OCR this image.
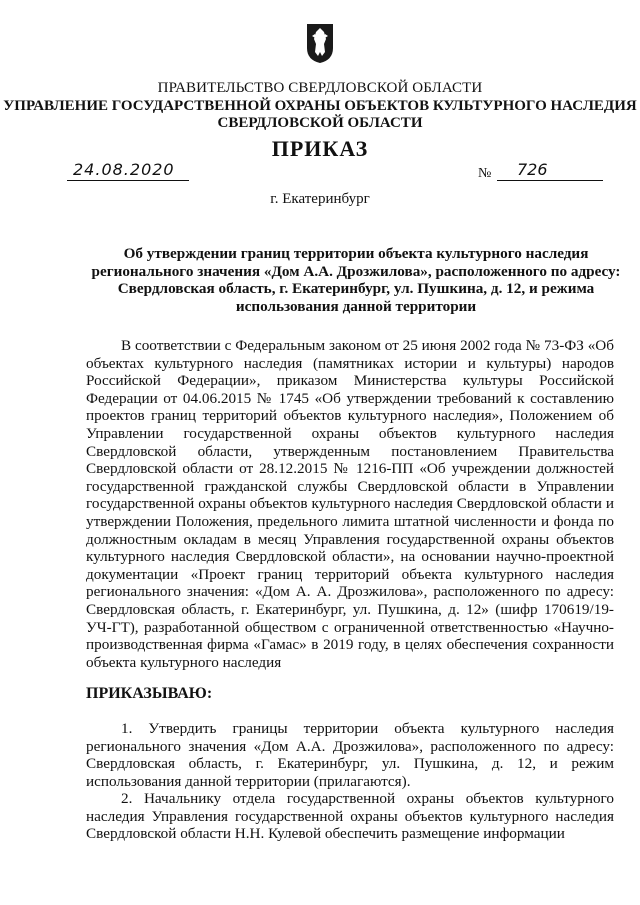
ПРАВИТЕЛЬСТВО СВЕРДЛОВСКОЙ ОБЛАСТИ
УПРАВЛЕНИЕ ГОСУДАРСТВЕННОЙ ОХРАНЫ ОБЪЕКТОВ КУЛЬТУРНОГО НАСЛЕДИЯ
СВЕРДЛОВСКОЙ ОБЛАСТИ
ПРИКАЗ
24.08.2020	№ 726
г. Екатеринбург
Об утверждении границ территории объекта культурного наследия регионального значения «Дом А.А. Дрозжилова», расположенного по адресу: Свердловская область, г. Екатеринбург, ул. Пушкина, д. 12, и режима использования данной территории
В соответствии с Федеральным законом от 25 июня 2002 года № 73-ФЗ «Об объектах культурного наследия (памятниках истории и культуры) народов Российской Федерации», приказом Министерства культуры Российской Федерации от 04.06.2015 № 1745 «Об утверждении требований к составлению проектов границ территорий объектов культурного наследия», Положением об Управлении государственной охраны объектов культурного наследия Свердловской области, утвержденным постановлением Правительства Свердловской области от 28.12.2015 № 1216-ПП «Об учреждении должностей государственной гражданской службы Свердловской области в Управлении государственной охраны объектов культурного наследия Свердловской области и утверждении Положения, предельного лимита штатной численности и фонда по должностным окладам в месяц Управления государственной охраны объектов культурного наследия Свердловской области», на основании научно-проектной документации «Проект границ территорий объекта культурного наследия регионального значения: «Дом А. А. Дрозжилова», расположенного по адресу: Свердловская область, г. Екатеринбург, ул. Пушкина, д. 12» (шифр 170619/19-УЧ-ГТ), разработанной обществом с ограниченной ответственностью «Научно-производственная фирма «Гамас» в 2019 году, в целях обеспечения сохранности объекта культурного наследия
ПРИКАЗЫВАЮ:
1. Утвердить границы территории объекта культурного наследия регионального значения «Дом А.А. Дрозжилова», расположенного по адресу: Свердловская область, г. Екатеринбург, ул. Пушкина, д. 12, и режим использования данной территории (прилагаются).
2. Начальнику отдела государственной охраны объектов культурного наследия Управления государственной охраны объектов культурного наследия Свердловской области Н.Н. Кулевой обеспечить размещение информации
